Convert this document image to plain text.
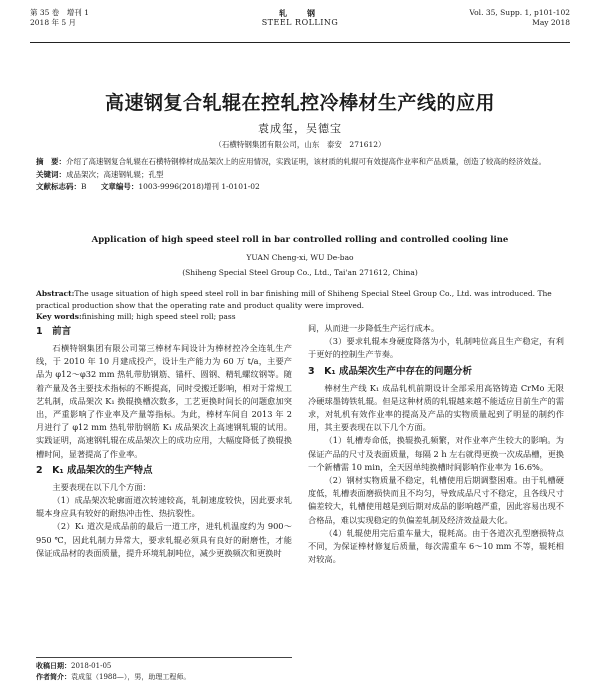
第 35 卷　增刊 1
2018 年 5 月
轧　钢
STEEL ROLLING
Vol. 35, Supp. 1, p101-102
May 2018
高速钢复合轧辊在控轧控冷棒材生产线的应用
袁成玺，吴德宝
（石横特钢集团有限公司，山东　泰安　271612）

摘　要：介绍了高速钢复合轧辊在石横特钢棒材成品架次上的应用情况，实践证明，该材质的轧辊可有效提高作业率和产品质量，创造了较高的经济效益。

关键词：成品架次；高速钢轧辊；孔型

文献标志码：B 文章编号：1003-9996(2018)增刊 1-0101-02

Application of high speed steel roll in bar controlled rolling and controlled cooling line
YUAN Cheng-xi, WU De-bao
(Shiheng Special Steel Group Co., Ltd., Tai'an 271612, China)

Abstract:The usage situation of high speed steel roll in bar finishing mill of Shiheng Special Steel Group Co., Ltd. was introduced. The practical production show that the operating rate and product quality were improved.

Key words:finishing mill; high speed steel roll; pass

1　前言

石横特钢集团有限公司第三棒材车间设计为棒材控冷全连轧生产线，于 2010 年 10 月建成投产，设计生产能力为 60 万 t/a，主要产品为 φ12～φ32 mm 热轧带肋钢筋、锚杆、圆钢、精轧螺纹钢等。随着产量及各主要技术指标的不断提高，同时受搬迁影响，相对于常规工艺轧制，成品架次 K₁ 换辊换槽次数多，工艺更换时间长的问题愈加突出，严重影响了作业率及产量等指标。为此，棒材车间自 2013 年 2 月进行了 φ12 mm 热轧带肋钢筋 K₁ 成品架次上高速钢轧辊的试用。实践证明，高速钢轧辊在成品架次上的成功应用，大幅度降低了换辊换槽时间，显著提高了作业率。

2　K₁ 成品架次的生产特点

主要表现在以下几个方面：

（1）成品架次轮廓面道次转速较高，轧制速度较快，因此要求轧辊本身应具有较好的耐热冲击性、热抗裂性。

（2）K₁ 道次是成品前的最后一道工序，进轧机温度约为 900～950 ℃，因此轧制力异常大，要求轧辊必须具有良好的耐磨性，才能保证成品材的表面质量，提升环境轧制吨位，减少更换频次和更换时

间，从而进一步降低生产运行成本。

（3）要求轧辊本身硬度降落为小，轧制吨位高且生产稳定，有利于更好的控制生产节奏。

3　K₁ 成品架次生产中存在的问题分析

棒材生产线 K₁ 成品轧机前期设计全部采用高铬铸造 CrMo 无限冷硬球墨铸铁轧辊。但是这种材质的轧辊越来越不能适应目前生产的需求，对轧机有效作业率的提高及产品的实物质量起到了明显的制约作用，其主要表现在以下几个方面。

（1）轧槽寿命低，换辊换孔频繁，对作业率产生较大的影响。为保证产品的尺寸及表面质量，每隔 2 h 左右就得更换一次成品槽，更换一个新槽需 10 min，全天因单纯换槽时间影响作业率为 16.6%。

（2）钢材实物质量不稳定，轧槽使用后期调整困难。由于轧槽硬度低，轧槽表面磨损快而且不均匀，导致成品尺寸不稳定，且各线尺寸偏差较大，轧槽使用越是到后期对成品的影响越严重，因此容易出现不合格品，难以实现稳定的负偏差轧制及经济效益最大化。

（4）轧辊使用完后重车量大，辊耗高。由于各道次孔型磨损特点不同，为保证棒材修复后质量，每次需重车 6～10 mm 不等，辊耗相对较高。

收稿日期：2018-01-05
作者简介：袁成玺（1988—），男，助理工程师。
